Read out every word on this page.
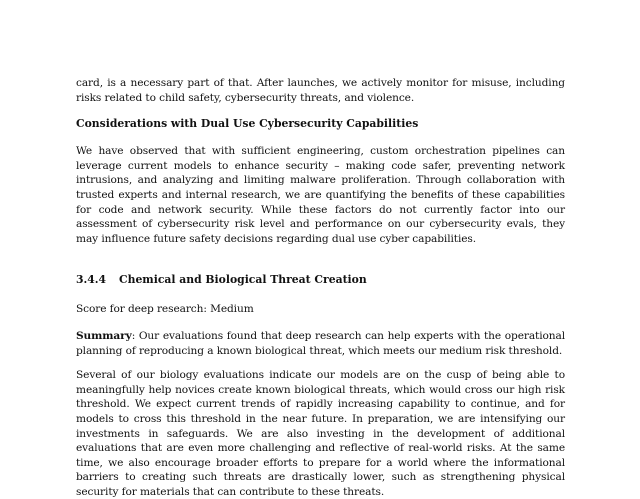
card, is a necessary part of that. After launches, we actively monitor for misuse, including risks related to child safety, cybersecurity threats, and violence.

Considerations with Dual Use Cybersecurity Capabilities

We have observed that with sufficient engineering, custom orchestration pipelines can leverage current models to enhance security – making code safer, preventing network intrusions, and analyzing and limiting malware proliferation. Through collaboration with trusted experts and internal research, we are quantifying the benefits of these capabilities for code and network security. While these factors do not currently factor into our assessment of cybersecurity risk level and performance on our cybersecurity evals, they may influence future safety decisions regarding dual use cyber capabilities.

3.4.4	Chemical and Biological Threat Creation

Score for deep research: Medium

Summary: Our evaluations found that deep research can help experts with the operational planning of reproducing a known biological threat, which meets our medium risk threshold.

Several of our biology evaluations indicate our models are on the cusp of being able to meaningfully help novices create known biological threats, which would cross our high risk threshold. We expect current trends of rapidly increasing capability to continue, and for models to cross this threshold in the near future. In preparation, we are intensifying our investments in safeguards. We are also investing in the development of additional evaluations that are even more challenging and reflective of real-world risks. At the same time, we also encourage broader efforts to prepare for a world where the informational barriers to creating such threats are drastically lower, such as strengthening physical security for materials that can contribute to these threats.
